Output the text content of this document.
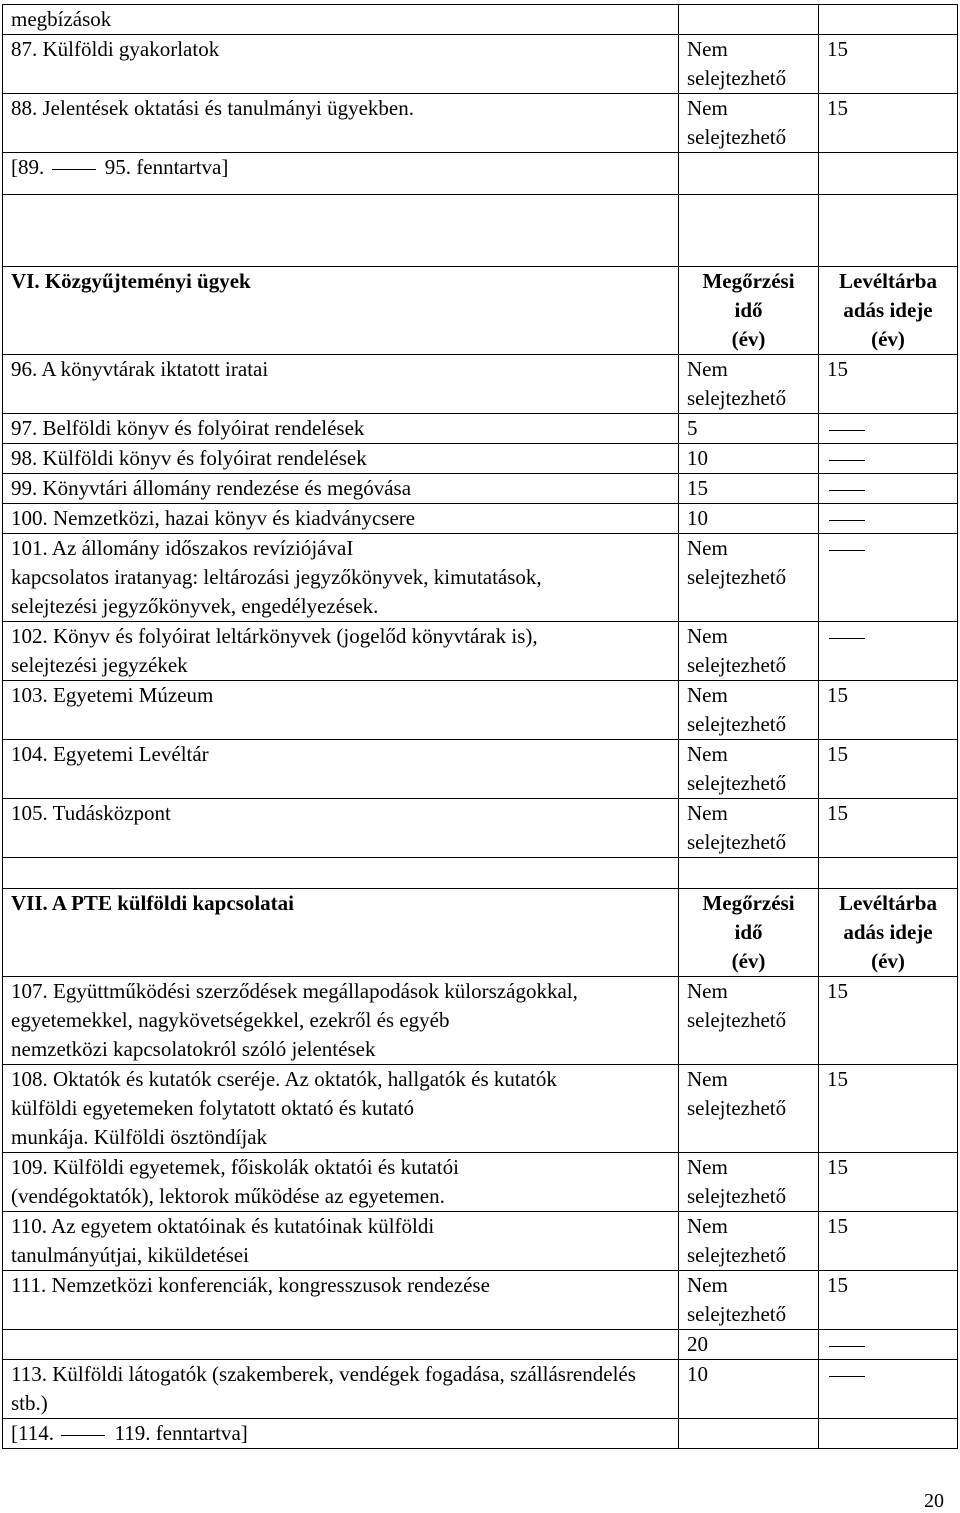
megbízások		
87. Külföldi gyakorlatok	Nem
selejtezhető	15
88. Jelentések oktatási és tanulmányi ügyekben.	Nem
selejtezhető	15
[89.  95. fenntartva]		

VI. Közgyűjteményi ügyek	Megőrzési
idő
(év)	Levéltárba
adás ideje
(év)

96. A könyvtárak iktatott iratai	Nem
selejtezhető	15
97. Belföldi könyv és folyóirat rendelések	5	
98. Külföldi könyv és folyóirat rendelések	10	
99. Könyvtári állomány rendezése és megóvása	15	
100. Nemzetközi, hazai könyv és kiadványcsere	10	

101. Az állomány időszakos revíziójávaI
kapcsolatos iratanyag: leltározási jegyzőkönyvek, kimutatások,
selejtezési jegyzőkönyvek, engedélyezések.	Nem
selejtezhető	

102. Könyv és folyóirat leltárkönyvek (jogelőd könyvtárak is),
selejtezési jegyzékek	Nem
selejtezhető	

103. Egyetemi Múzeum	Nem
selejtezhető	15
104. Egyetemi Levéltár	Nem
selejtezhető	15
105. Tudásközpont	Nem
selejtezhető	15

VII. A PTE külföldi kapcsolatai	Megőrzési
idő
(év)	Levéltárba
adás ideje
(év)

107. Együttműködési szerződések megállapodások külországokkal,
egyetemekkel, nagykövetségekkel, ezekről és egyéb
nemzetközi kapcsolatokról szóló jelentések	Nem
selejtezhető	15

108. Oktatók és kutatók cseréje. Az oktatók, hallgatók és kutatók
külföldi egyetemeken folytatott oktató és kutató
munkája. Külföldi ösztöndíjak	Nem
selejtezhető	15

109. Külföldi egyetemek, főiskolák oktatói és kutatói
(vendégoktatók), lektorok működése az egyetemen.	Nem
selejtezhető	15

110. Az egyetem oktatóinak és kutatóinak külföldi
tanulmányútjai, kiküldetései	Nem
selejtezhető	15
111. Nemzetközi konferenciák, kongresszusok rendezése	Nem
selejtezhető	15
	20	

113. Külföldi látogatók (szakemberek, vendégek fogadása, szállásrendelés
stb.)	10	
[114.  119. fenntartva]		
20
